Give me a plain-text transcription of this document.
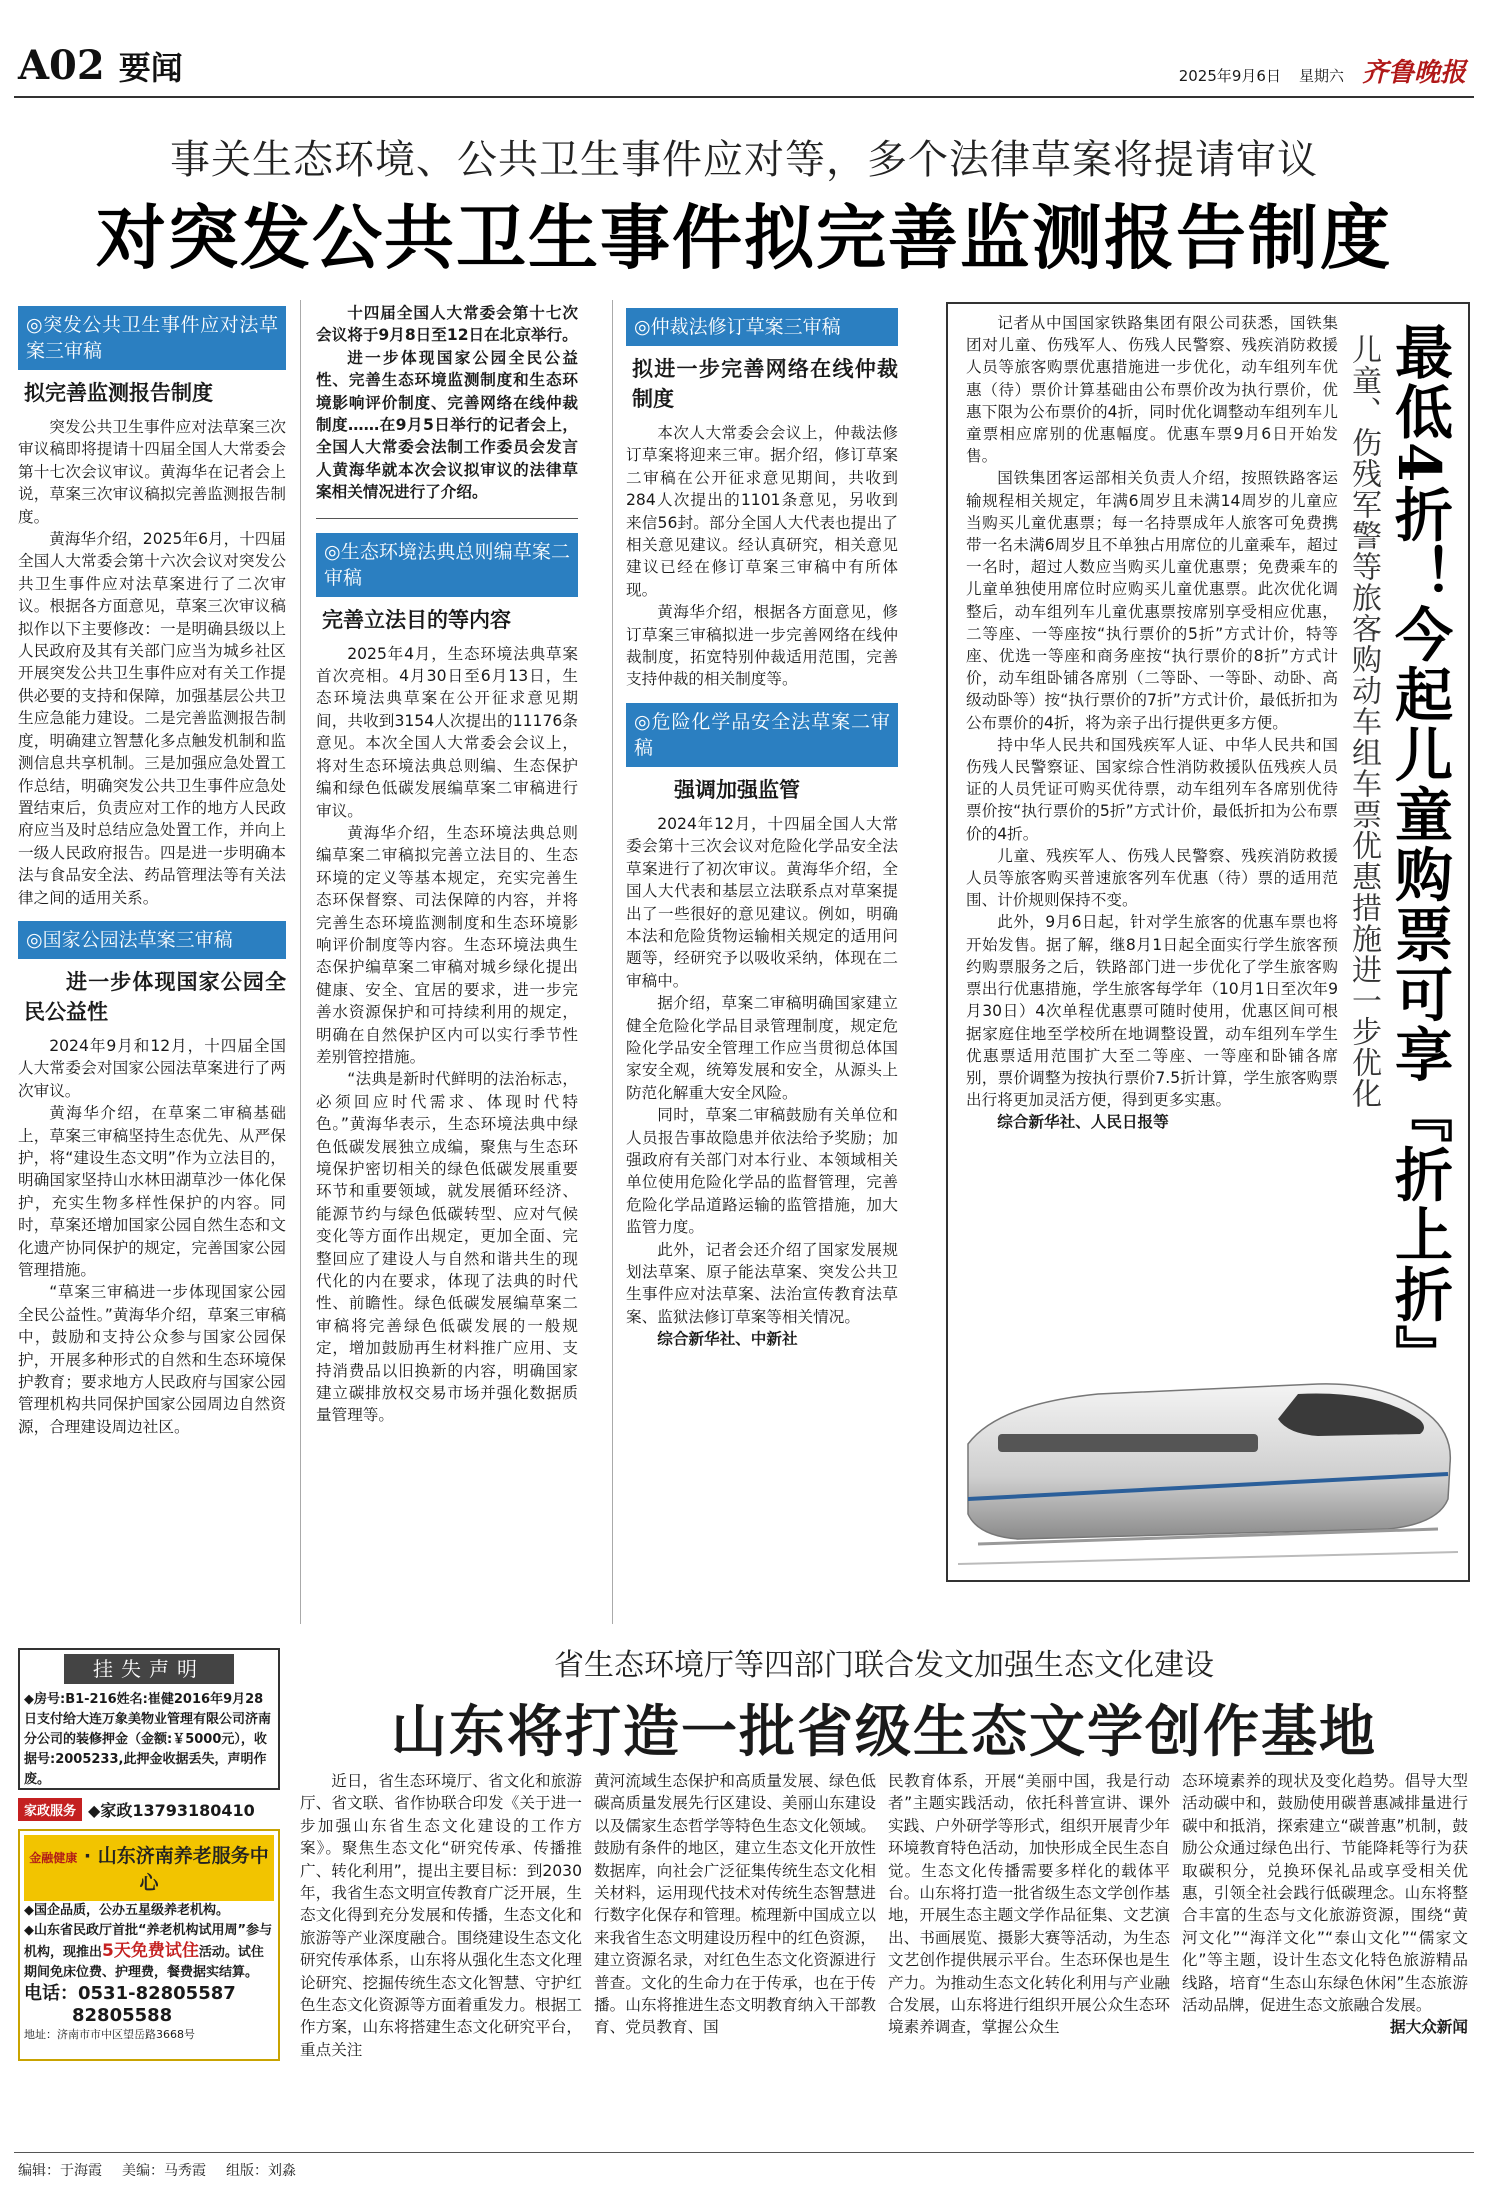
A02 要闻	2025年9月6日 星期六 齐鲁晚报
事关生态环境、公共卫生事件应对等，多个法律草案将提请审议
对突发公共卫生事件拟完善监测报告制度
◎突发公共卫生事件应对法草案三审稿
拟完善监测报告制度

突发公共卫生事件应对法草案三次审议稿即将提请十四届全国人大常委会第十七次会议审议。黄海华在记者会上说，草案三次审议稿拟完善监测报告制度。

黄海华介绍，2025年6月，十四届全国人大常委会第十六次会议对突发公共卫生事件应对法草案进行了二次审议。根据各方面意见，草案三次审议稿拟作以下主要修改：一是明确县级以上人民政府及其有关部门应当为城乡社区开展突发公共卫生事件应对有关工作提供必要的支持和保障，加强基层公共卫生应急能力建设。二是完善监测报告制度，明确建立智慧化多点触发机制和监测信息共享机制。三是加强应急处置工作总结，明确突发公共卫生事件应急处置结束后，负责应对工作的地方人民政府应当及时总结应急处置工作，并向上一级人民政府报告。四是进一步明确本法与食品安全法、药品管理法等有关法律之间的适用关系。

◎国家公园法草案三审稿
进一步体现国家公园全民公益性

2024年9月和12月，十四届全国人大常委会对国家公园法草案进行了两次审议。

黄海华介绍，在草案二审稿基础上，草案三审稿坚持生态优先、从严保护，将“建设生态文明”作为立法目的，明确国家坚持山水林田湖草沙一体化保护，充实生物多样性保护的内容。同时，草案还增加国家公园自然生态和文化遗产协同保护的规定，完善国家公园管理措施。

“草案三审稿进一步体现国家公园全民公益性。”黄海华介绍，草案三审稿中，鼓励和支持公众参与国家公园保护，开展多种形式的自然和生态环境保护教育；要求地方人民政府与国家公园管理机构共同保护国家公园周边自然资源，合理建设周边社区。

十四届全国人大常委会第十七次会议将于9月8日至12日在北京举行。

进一步体现国家公园全民公益性、完善生态环境监测制度和生态环境影响评价制度、完善网络在线仲裁制度……在9月5日举行的记者会上，全国人大常委会法制工作委员会发言人黄海华就本次会议拟审议的法律草案相关情况进行了介绍。

◎生态环境法典总则编草案二审稿
完善立法目的等内容

2025年4月，生态环境法典草案首次亮相。4月30日至6月13日，生态环境法典草案在公开征求意见期间，共收到3154人次提出的11176条意见。本次全国人大常委会会议上，将对生态环境法典总则编、生态保护编和绿色低碳发展编草案二审稿进行审议。

黄海华介绍，生态环境法典总则编草案二审稿拟完善立法目的、生态环境的定义等基本规定，充实完善生态环保督察、司法保障的内容，并将完善生态环境监测制度和生态环境影响评价制度等内容。生态环境法典生态保护编草案二审稿对城乡绿化提出健康、安全、宜居的要求，进一步完善水资源保护和可持续利用的规定，明确在自然保护区内可以实行季节性差别管控措施。

“法典是新时代鲜明的法治标志，必须回应时代需求、体现时代特色。”黄海华表示，生态环境法典中绿色低碳发展独立成编，聚焦与生态环境保护密切相关的绿色低碳发展重要环节和重要领域，就发展循环经济、能源节约与绿色低碳转型、应对气候变化等方面作出规定，更加全面、完整回应了建设人与自然和谐共生的现代化的内在要求，体现了法典的时代性、前瞻性。绿色低碳发展编草案二审稿将完善绿色低碳发展的一般规定，增加鼓励再生材料推广应用、支持消费品以旧换新的内容，明确国家建立碳排放权交易市场并强化数据质量管理等。

◎仲裁法修订草案三审稿
拟进一步完善网络在线仲裁制度

本次人大常委会会议上，仲裁法修订草案将迎来三审。据介绍，修订草案二审稿在公开征求意见期间，共收到284人次提出的1101条意见，另收到来信56封。部分全国人大代表也提出了相关意见建议。经认真研究，相关意见建议已经在修订草案三审稿中有所体现。

黄海华介绍，根据各方面意见，修订草案三审稿拟进一步完善网络在线仲裁制度，拓宽特别仲裁适用范围，完善支持仲裁的相关制度等。

◎危险化学品安全法草案二审稿
强调加强监管

2024年12月，十四届全国人大常委会第十三次会议对危险化学品安全法草案进行了初次审议。黄海华介绍，全国人大代表和基层立法联系点对草案提出了一些很好的意见建议。例如，明确本法和危险货物运输相关规定的适用问题等，经研究予以吸收采纳，体现在二审稿中。

据介绍，草案二审稿明确国家建立健全危险化学品目录管理制度，规定危险化学品安全管理工作应当贯彻总体国家安全观，统筹发展和安全，从源头上防范化解重大安全风险。

同时，草案二审稿鼓励有关单位和人员报告事故隐患并依法给予奖励；加强政府有关部门对本行业、本领域相关单位使用危险化学品的监督管理，完善危险化学品道路运输的监管措施，加大监管力度。

此外，记者会还介绍了国家发展规划法草案、原子能法草案、突发公共卫生事件应对法草案、法治宣传教育法草案、监狱法修订草案等相关情况。

综合新华社、中新社

记者从中国国家铁路集团有限公司获悉，国铁集团对儿童、伤残军人、伤残人民警察、残疾消防救援人员等旅客购票优惠措施进一步优化，动车组列车优惠（待）票价计算基础由公布票价改为执行票价，优惠下限为公布票价的4折，同时优化调整动车组列车儿童票相应席别的优惠幅度。优惠车票9月6日开始发售。

国铁集团客运部相关负责人介绍，按照铁路客运输规程相关规定，年满6周岁且未满14周岁的儿童应当购买儿童优惠票；每一名持票成年人旅客可免费携带一名未满6周岁且不单独占用席位的儿童乘车，超过一名时，超过人数应当购买儿童优惠票；免费乘车的儿童单独使用席位时应购买儿童优惠票。此次优化调整后，动车组列车儿童优惠票按席别享受相应优惠，二等座、一等座按“执行票价的5折”方式计价，特等座、优选一等座和商务座按“执行票价的8折”方式计价，动车组卧铺各席别（二等卧、一等卧、动卧、高级动卧等）按“执行票价的7折”方式计价，最低折扣为公布票价的4折，将为亲子出行提供更多方便。

持中华人民共和国残疾军人证、中华人民共和国伤残人民警察证、国家综合性消防救援队伍残疾人员证的人员凭证可购买优待票，动车组列车各席别优待票价按“执行票价的5折”方式计价，最低折扣为公布票价的4折。

儿童、残疾军人、伤残人民警察、残疾消防救援人员等旅客购买普速旅客列车优惠（待）票的适用范围、计价规则保持不变。

此外，9月6日起，针对学生旅客的优惠车票也将开始发售。据了解，继8月1日起全面实行学生旅客预约购票服务之后，铁路部门进一步优化了学生旅客购票出行优惠措施，学生旅客每学年（10月1日至次年9月30日）4次单程优惠票可随时使用，优惠区间可根据家庭住地至学校所在地调整设置，动车组列车学生优惠票适用范围扩大至二等座、一等座和卧铺各席别，票价调整为按执行票价7.5折计算，学生旅客购票出行将更加灵活方便，得到更多实惠。

综合新华社、人民日报等	最低4折！今起儿童购票可享『折上折』
儿童、伤残军警等旅客购动车组车票优惠措施进一步优化
挂失声明
◆房号:B1-216姓名:崔健2016年9月28日支付给大连万象美物业管理有限公司济南分公司的装修押金（金额:￥5000元），收据号:2005233,此押金收据丢失，声明作废。
家政服务 ◆家政13793180410
金融健康 · 山东济南养老服务中心
◆国企品质，公办五星级养老机构。
◆山东省民政厅首批“养老机构试用周”参与机构，现推出5天免费试住活动。试住期间免床位费、护理费，餐费据实结算。
电话：0531-82805587
82805588
地址：济南市市中区望岳路3668号
省生态环境厅等四部门联合发文加强生态文化建设
山东将打造一批省级生态文学创作基地

近日，省生态环境厅、省文化和旅游厅、省文联、省作协联合印发《关于进一步加强山东省生态文化建设的工作方案》。聚焦生态文化“研究传承、传播推广、转化利用”，提出主要目标：到2030年，我省生态文明宣传教育广泛开展，生态文化得到充分发展和传播，生态文化和旅游等产业深度融合。围绕建设生态文化研究传承体系，山东将从强化生态文化理论研究、挖掘传统生态文化智慧、守护红色生态文化资源等方面着重发力。根据工作方案，山东将搭建生态文化研究平台，重点关注

黄河流域生态保护和高质量发展、绿色低碳高质量发展先行区建设、美丽山东建设以及儒家生态哲学等特色生态文化领域。鼓励有条件的地区，建立生态文化开放性数据库，向社会广泛征集传统生态文化相关材料，运用现代技术对传统生态智慧进行数字化保存和管理。梳理新中国成立以来我省生态文明建设历程中的红色资源，建立资源名录，对红色生态文化资源进行普查。文化的生命力在于传承，也在于传播。山东将推进生态文明教育纳入干部教育、党员教育、国

民教育体系，开展“美丽中国，我是行动者”主题实践活动，依托科普宣讲、课外实践、户外研学等形式，组织开展青少年环境教育特色活动，加快形成全民生态自觉。生态文化传播需要多样化的载体平台。山东将打造一批省级生态文学创作基地，开展生态主题文学作品征集、文艺演出、书画展览、摄影大赛等活动，为生态文艺创作提供展示平台。生态环保也是生产力。为推动生态文化转化利用与产业融合发展，山东将进行组织开展公众生态环境素养调查，掌握公众生

态环境素养的现状及变化趋势。倡导大型活动碳中和，鼓励使用碳普惠减排量进行碳中和抵消，探索建立“碳普惠”机制，鼓励公众通过绿色出行、节能降耗等行为获取碳积分，兑换环保礼品或享受相关优惠，引领全社会践行低碳理念。山东将整合丰富的生态与文化旅游资源，围绕“黄河文化”“海洋文化”“泰山文化”“儒家文化”等主题，设计生态文化特色旅游精品线路，培育“生态山东绿色休闲”生态旅游活动品牌，促进生态文旅融合发展。

据大众新闻

编辑：于海霞 美编：马秀霞 组版：刘淼
